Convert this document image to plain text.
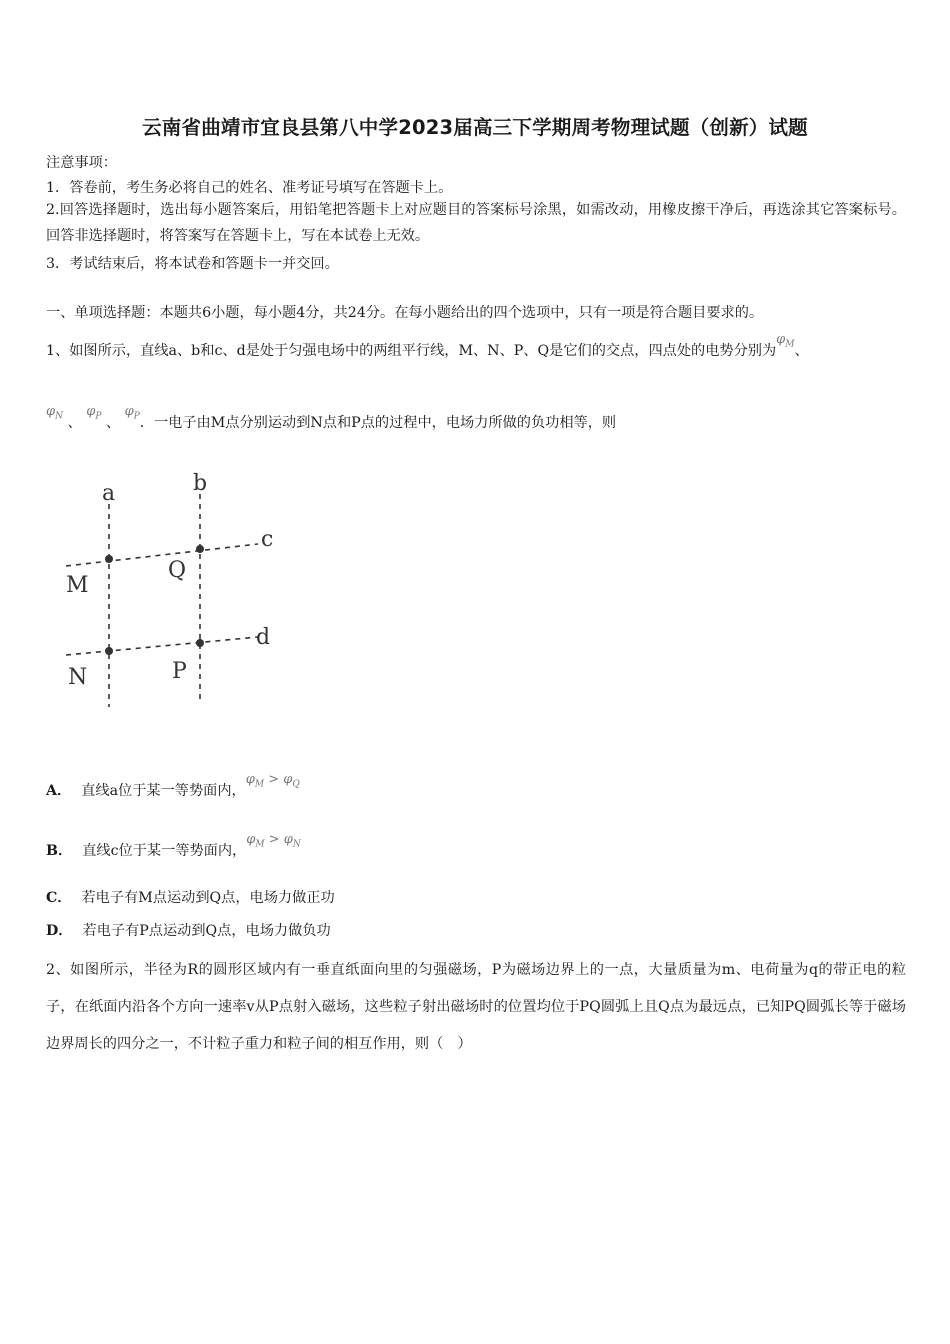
云南省曲靖市宜良县第八中学2023届高三下学期周考物理试题（创新）试题
注意事项：
1．答卷前，考生务必将自己的姓名、准考证号填写在答题卡上。
2.回答选择题时，选出每小题答案后，用铅笔把答题卡上对应题目的答案标号涂黑，如需改动，用橡皮擦干净后，再选涂其它答案标号。回答非选择题时，将答案写在答题卡上，写在本试卷上无效。
3．考试结束后，将本试卷和答题卡一并交回。
一、单项选择题：本题共6小题，每小题4分，共24分。在每小题给出的四个选项中，只有一项是符合题目要求的。
1、如图所示，直线a、b和c、d是处于匀强电场中的两组平行线，M、N、P、Q是它们的交点，四点处的电势分别为$\varphi_M$、
$\varphi_N$ 、 $\varphi_P$ 、 $\varphi_P$．一电子由M点分别运动到N点和P点的过程中，电场力所做的负功相等，则
a	b
c
d
M
Q
N	P
A． 直线a位于某一等势面内，$\varphi_M > \varphi_Q$
B． 直线c位于某一等势面内，$\varphi_M > \varphi_N$
C． 若电子有M点运动到Q点，电场力做正功
D． 若电子有P点运动到Q点，电场力做负功
2、如图所示，半径为R的圆形区域内有一垂直纸面向里的匀强磁场，P为磁场边界上的一点，大量质量为m、电荷量为q的带正电的粒子，在纸面内沿各个方向一速率v从P点射入磁场，这些粒子射出磁场时的位置均位于PQ圆弧上且Q点为最远点，已知PQ圆弧长等于磁场边界周长的四分之一，不计粒子重力和粒子间的相互作用，则（　）
